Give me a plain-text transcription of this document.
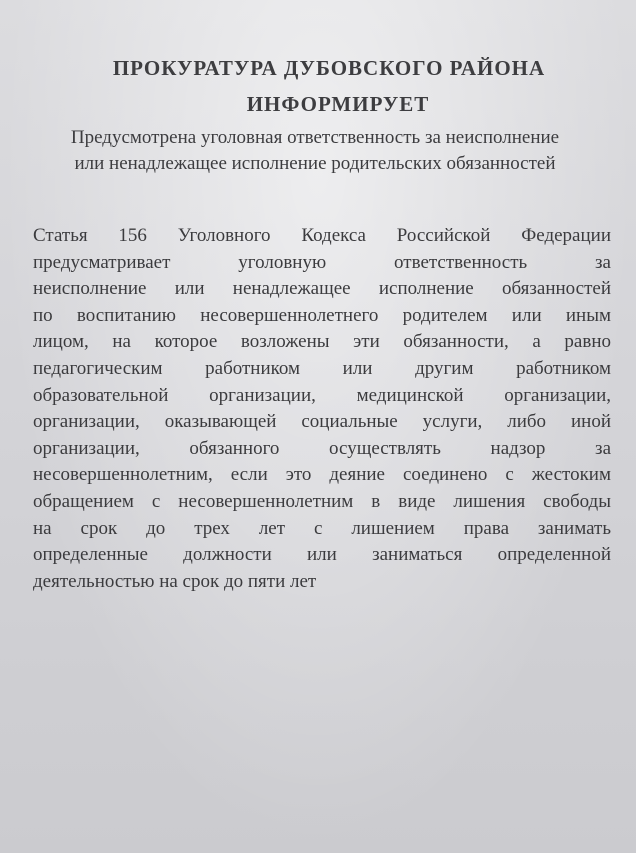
ПРОКУРАТУРА ДУБОВСКОГО РАЙОНА
ИНФОРМИРУЕТ
Предусмотрена уголовная ответственность за неисполнение
или ненадлежащее исполнение родительских обязанностей
Статья 156 Уголовного Кодекса Российской Федерации
предусматривает уголовную ответственность за
неисполнение или ненадлежащее исполнение обязанностей
по воспитанию несовершеннолетнего родителем или иным
лицом, на которое возложены эти обязанности, а равно
педагогическим работником или другим работником
образовательной организации, медицинской организации,
организации, оказывающей социальные услуги, либо иной
организации, обязанного осуществлять надзор за
несовершеннолетним, если это деяние соединено с жестоким
обращением с несовершеннолетним в виде лишения свободы
на срок до трех лет с лишением права занимать
определенные должности или заниматься определенной
деятельностью на срок до пяти лет
